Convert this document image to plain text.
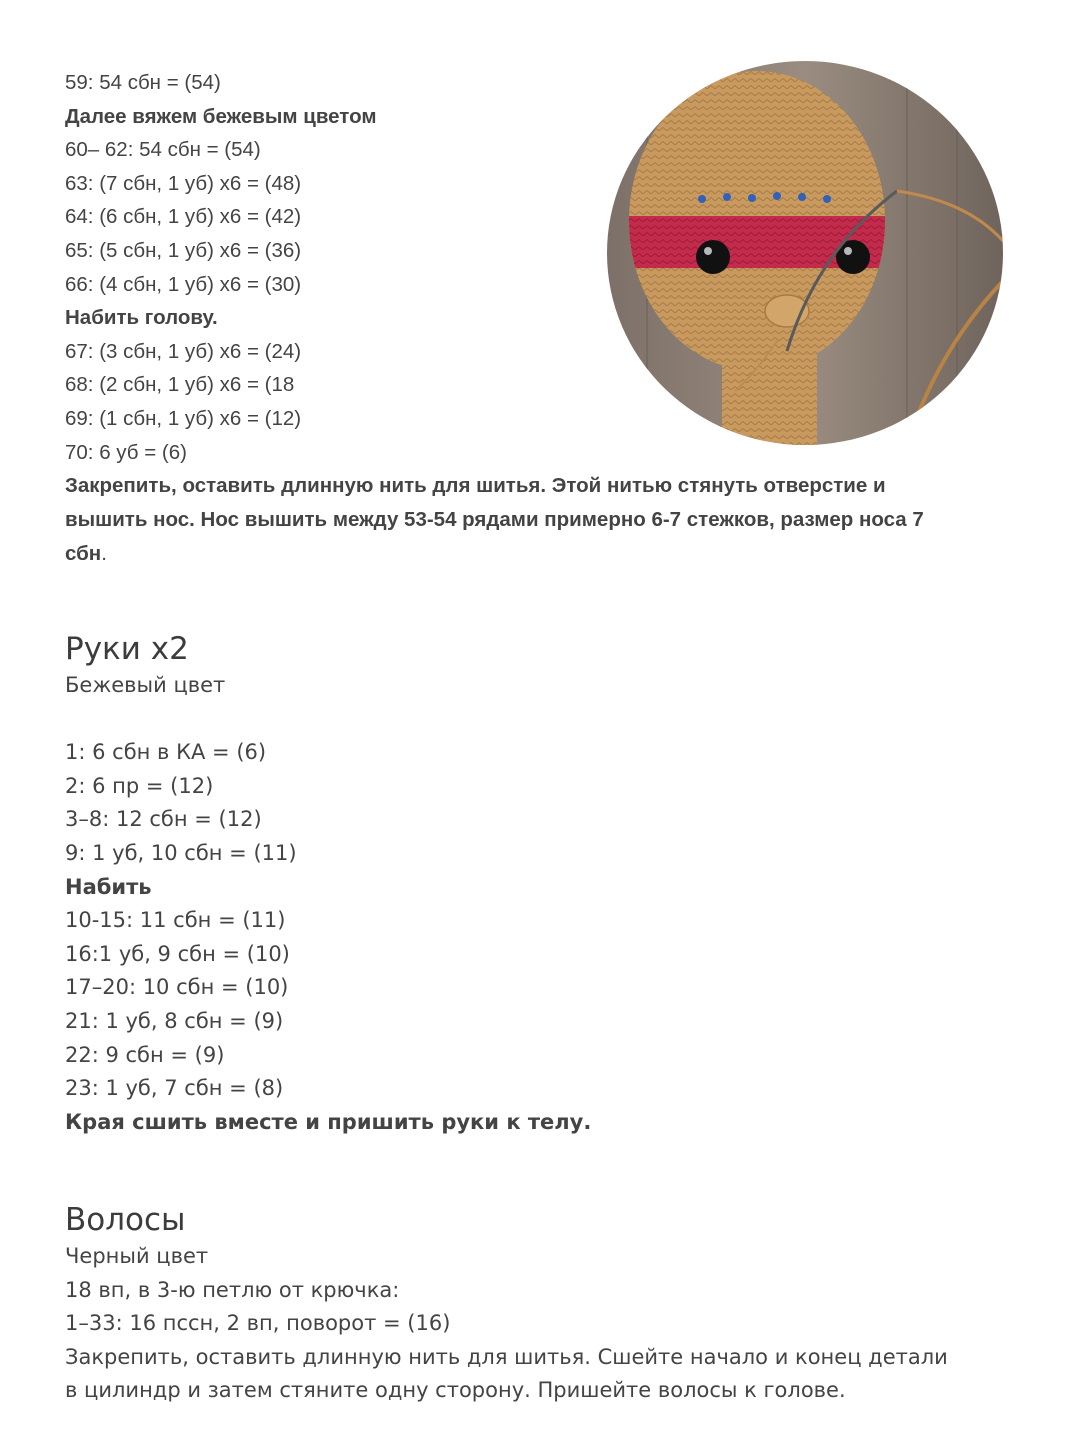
59: 54 сбн = (54)
Далее вяжем бежевым цветом
60– 62: 54 сбн = (54)
63: (7 сбн, 1 уб) х6 = (48)
64: (6 сбн, 1 уб) х6 = (42)
65: (5 сбн, 1 уб) х6 = (36)
66: (4 сбн, 1 уб) х6 = (30)
Набить голову.
67: (3 сбн, 1 уб) х6 = (24)
68: (2 сбн, 1 уб) х6 = (18
69: (1 сбн, 1 уб) х6 = (12)
70: 6 уб = (6)
Закрепить, оставить длинную нить для шитья. Этой нитью стянуть отверстие и вышить нос. Нос вышить между 53-54 рядами примерно 6-7 стежков, размер носа 7 сбн.
Руки х2
Бежевый цвет
1: 6 сбн в КА = (6)
2: 6 пр = (12)
3–8: 12 сбн = (12)
9: 1 уб, 10 сбн = (11)
Набить
10-15: 11 сбн = (11)
16:1 уб, 9 сбн = (10)
17–20: 10 сбн = (10)
21: 1 уб, 8 сбн = (9)
22: 9 сбн = (9)
23: 1 уб, 7 сбн = (8)
Края сшить вместе и пришить руки к телу.
Волосы
Черный цвет
18 вп, в 3-ю петлю от крючка:
1–33: 16 пссн, 2 вп, поворот = (16)
Закрепить, оставить длинную нить для шитья. Сшейте начало и конец детали
в цилиндр и затем стяните одну сторону. Пришейте волосы к голове.
